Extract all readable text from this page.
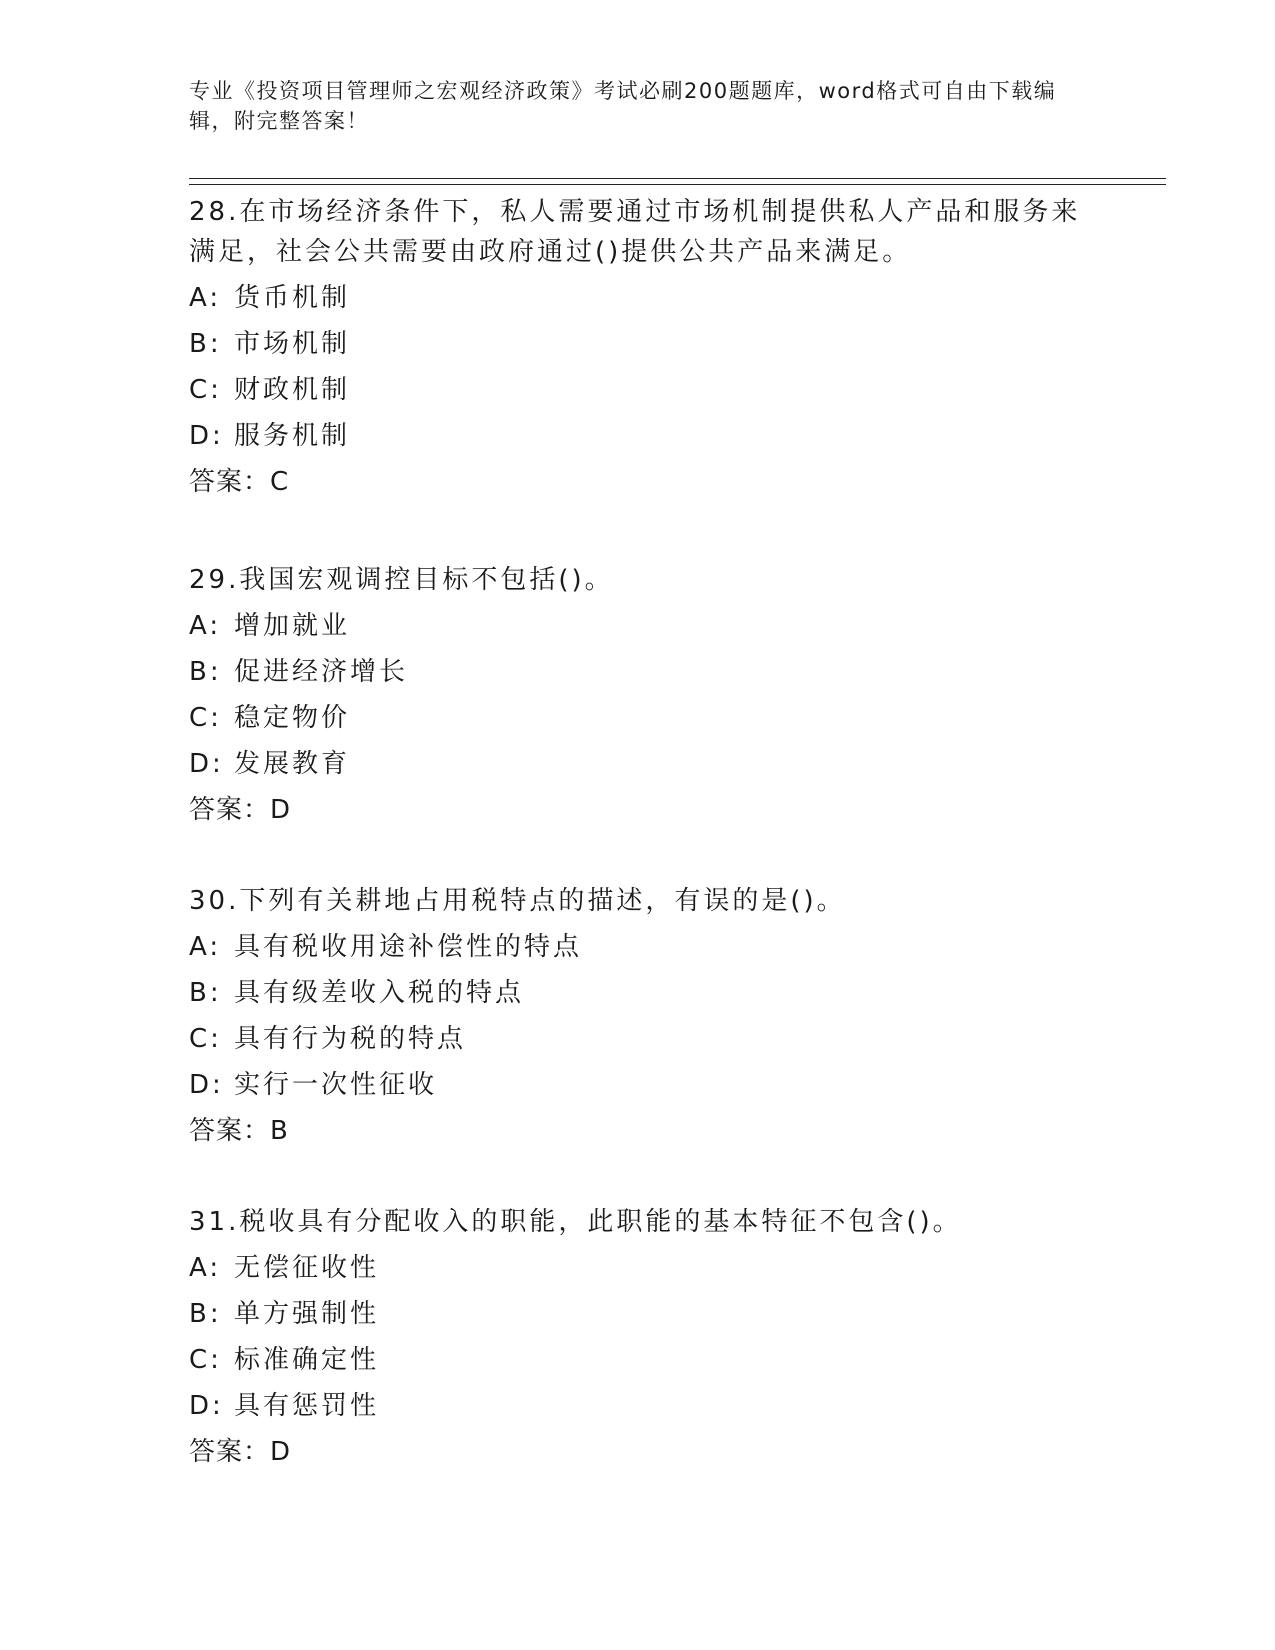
专业《投资项目管理师之宏观经济政策》考试必刷200题题库，word格式可自由下载编辑，附完整答案！

28.在市场经济条件下，私人需要通过市场机制提供私人产品和服务来满足，社会公共需要由政府通过()提供公共产品来满足。

A: 货币机制
B: 市场机制
C: 财政机制
D: 服务机制
答案：C

29.我国宏观调控目标不包括()。

A: 增加就业
B: 促进经济增长
C: 稳定物价
D: 发展教育
答案：D

30.下列有关耕地占用税特点的描述，有误的是()。

A: 具有税收用途补偿性的特点
B: 具有级差收入税的特点
C: 具有行为税的特点
D: 实行一次性征收
答案：B

31.税收具有分配收入的职能，此职能的基本特征不包含()。

A: 无偿征收性
B: 单方强制性
C: 标准确定性
D: 具有惩罚性
答案：D
